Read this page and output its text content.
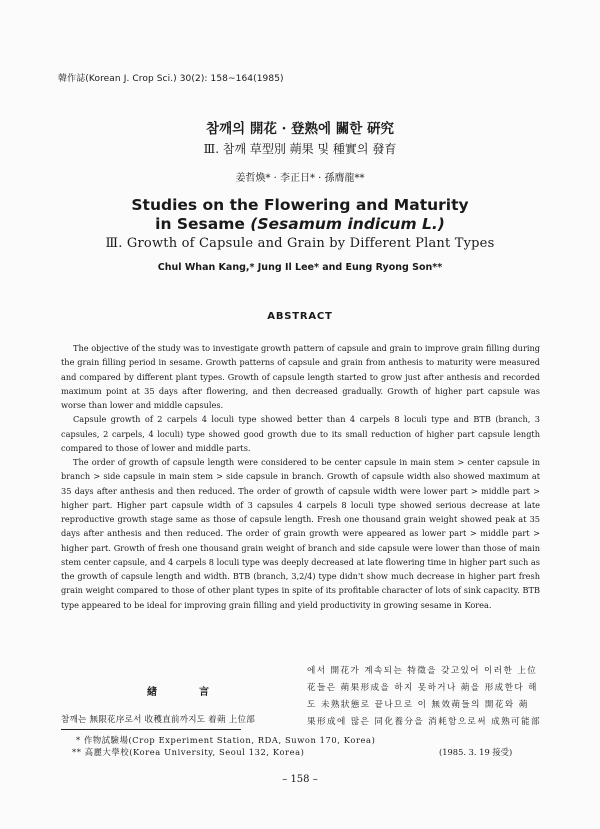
韓作誌(Korean J. Crop Sci.) 30(2): 158~164(1985)
참깨의 開花 · 登熟에 關한 硏究
Ⅲ. 참깨 草型別 蒴果 및 種實의 發育
姜哲煥* · 李正日* · 孫膺龍**
Studies on the Flowering and Maturity
in Sesame (Sesamum indicum L.)
Ⅲ. Growth of Capsule and Grain by Different Plant Types
Chul Whan Kang,* Jung Il Lee* and Eung Ryong Son**
ABSTRACT

The objective of the study was to investigate growth pattern of capsule and grain to improve grain filling during the grain filling period in sesame. Growth patterns of capsule and grain from anthesis to maturity were measured and compared by different plant types. Growth of capsule length started to grow just after anthesis and recorded maximum point at 35 days after flowering, and then decreased gradually. Growth of higher part capsule was worse than lower and middle capsules.

Capsule growth of 2 carpels 4 loculi type showed better than 4 carpels 8 loculi type and BTB (branch, 3 capsules, 2 carpels, 4 loculi) type showed good growth due to its small reduction of higher part capsule length compared to those of lower and middle parts.

The order of growth of capsule length were considered to be center capsule in main stem > center capsule in branch > side capsule in main stem > side capsule in branch. Growth of capsule width also showed maximum at 35 days after anthesis and then reduced. The order of growth of capsule width were lower part > middle part > higher part. Higher part capsule width of 3 capsules 4 carpels 8 loculi type showed serious decrease at late reproductive growth stage same as those of capsule length. Fresh one thousand grain weight showed peak at 35 days after anthesis and then reduced. The order of grain growth were appeared as lower part > middle part > higher part. Growth of fresh one thousand grain weight of branch and side capsule were lower than those of main stem center capsule, and 4 carpels 8 loculi type was deeply decreased at late flowering time in higher part such as the growth of capsule length and width. BTB (branch, 3,2/4) type didn't show much decrease in higher part fresh grain weight compared to those of other plant types in spite of its profitable character of lots of sink capacity. BTB type appeared to be ideal for improving grain filling and yield productivity in growing sesame in Korea.

緖言
참깨는 無限花序로서 收穫直前까지도 着蒴 上位部
에서 開花가 계속되는 特徵을 갖고있어 이러한 上位
花들은 蒴果形成을 하지 못하거나 蒴을 形成한다 해
도 未熟狀態로 끝나므로 이 無效蒴들의 開花와 蒴
果形成에 많은 同化養分을 消耗함으로써 成熟可能部
* 作物試驗場(Crop Experiment Station, RDA, Suwon 170, Korea)
** 高麗大學校(Korea University, Seoul 132, Korea)	(1985. 3. 19 接受)
– 158 –
